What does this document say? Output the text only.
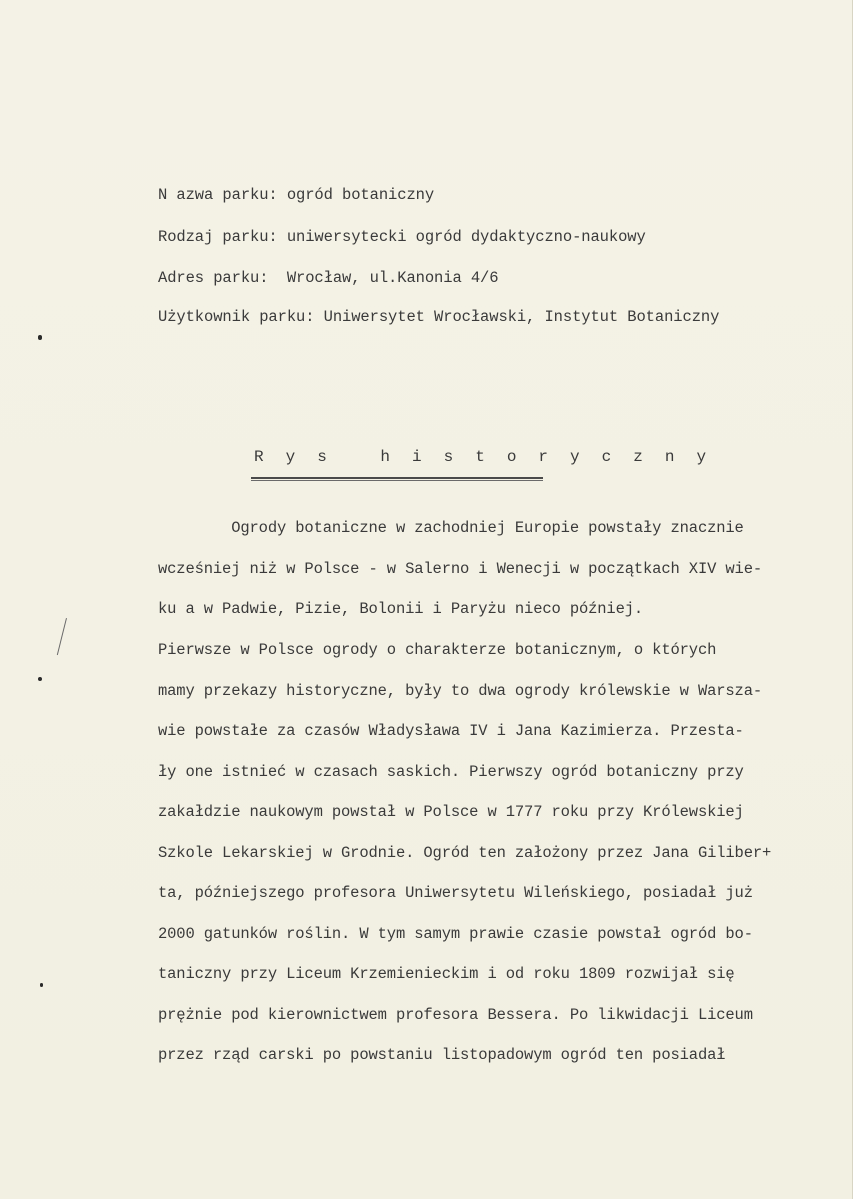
N azwa parku: ogród botaniczny
Rodzaj parku: uniwersytecki ogród dydaktyczno-naukowy
Adres parku:  Wrocław, ul.Kanonia 4/6
Użytkownik parku: Uniwersytet Wrocławski, Instytut Botaniczny
R y s   h i s t o r y c z n y
Ogrody botaniczne w zachodniej Europie powstały znacznie
wcześniej niż w Polsce - w Salerno i Wenecji w początkach XIV wie-
ku a w Padwie, Pizie, Bolonii i Paryżu nieco później.
Pierwsze w Polsce ogrody o charakterze botanicznym, o których
mamy przekazy historyczne, były to dwa ogrody królewskie w Warsza-
wie powstałe za czasów Władysława IV i Jana Kazimierza. Przesta-
ły one istnieć w czasach saskich. Pierwszy ogród botaniczny przy
zakałdzie naukowym powstał w Polsce w 1777 roku przy Królewskiej
Szkole Lekarskiej w Grodnie. Ogród ten założony przez Jana Giliber+
ta, późniejszego profesora Uniwersytetu Wileńskiego, posiadał już
2000 gatunków roślin. W tym samym prawie czasie powstał ogród bo-
taniczny przy Liceum Krzemienieckim i od roku 1809 rozwijał się
prężnie pod kierownictwem profesora Bessera. Po likwidacji Liceum
przez rząd carski po powstaniu listopadowym ogród ten posiadał
